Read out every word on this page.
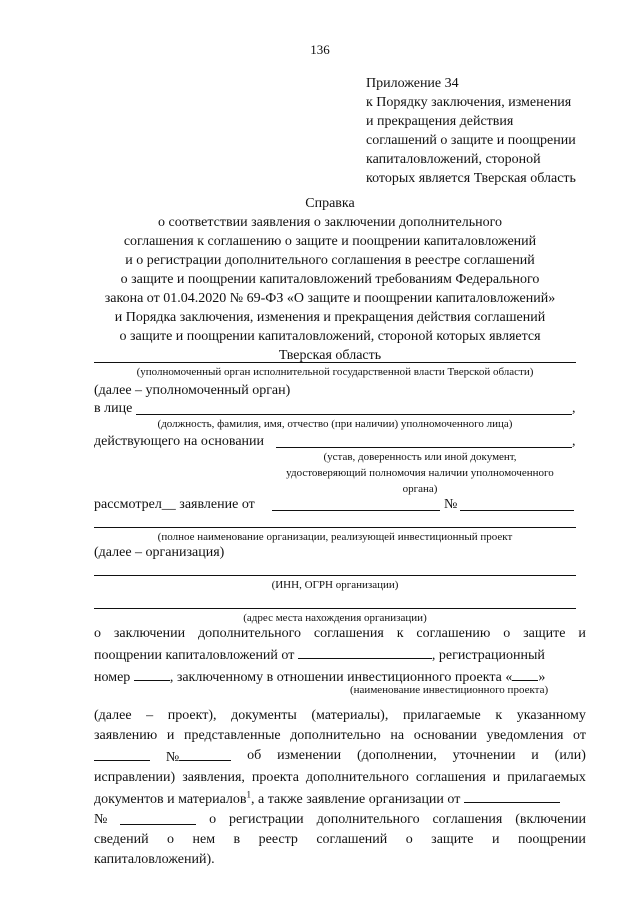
136
Приложение 34
к Порядку заключения, изменения
и прекращения действия
соглашений о защите и поощрении
капиталовложений, стороной
которых является Тверская область
Справка
о соответствии заявления о заключении дополнительного
соглашения к соглашению о защите и поощрении капиталовложений
и о регистрации дополнительного соглашения в реестре соглашений
о защите и поощрении капиталовложений требованиям Федерального
закона от 01.04.2020 № 69-ФЗ «О защите и поощрении капиталовложений»
и Порядка заключения, изменения и прекращения действия соглашений
о защите и поощрении капиталовложений, стороной которых является
Тверская область
(уполномоченный орган исполнительной государственной власти Тверской области)
(далее – уполномоченный орган)
в лице	,
(должность, фамилия, имя, отчество (при наличии) уполномоченного лица)
действующего на основании	,
(устав, доверенность или иной документ,
удостоверяющий полномочия наличии уполномоченного
органа)
рассмотрел__ заявление от	№
(полное наименование организации, реализующей инвестиционный проект
(далее – организация)
(ИНН, ОГРН организации)
(адрес места нахождения организации)
о заключении дополнительного соглашения к соглашению о защите и
поощрении капиталовложений от	, регистрационный
номер	, заключенному в отношении инвестиционного проекта « »
(наименование инвестиционного проекта)
(далее – проект), документы (материалы), прилагаемые к указанному
заявлению и представленные дополнительно на основании уведомления от
№	об изменении (дополнении, уточнении и (или)
исправлении) заявления, проекта дополнительного соглашения и прилагаемых
документов и материалов$^1$, а также заявление организации от
№	о регистрации дополнительного соглашения (включении
сведений о нем в реестр соглашений о защите и поощрении
капиталовложений).
